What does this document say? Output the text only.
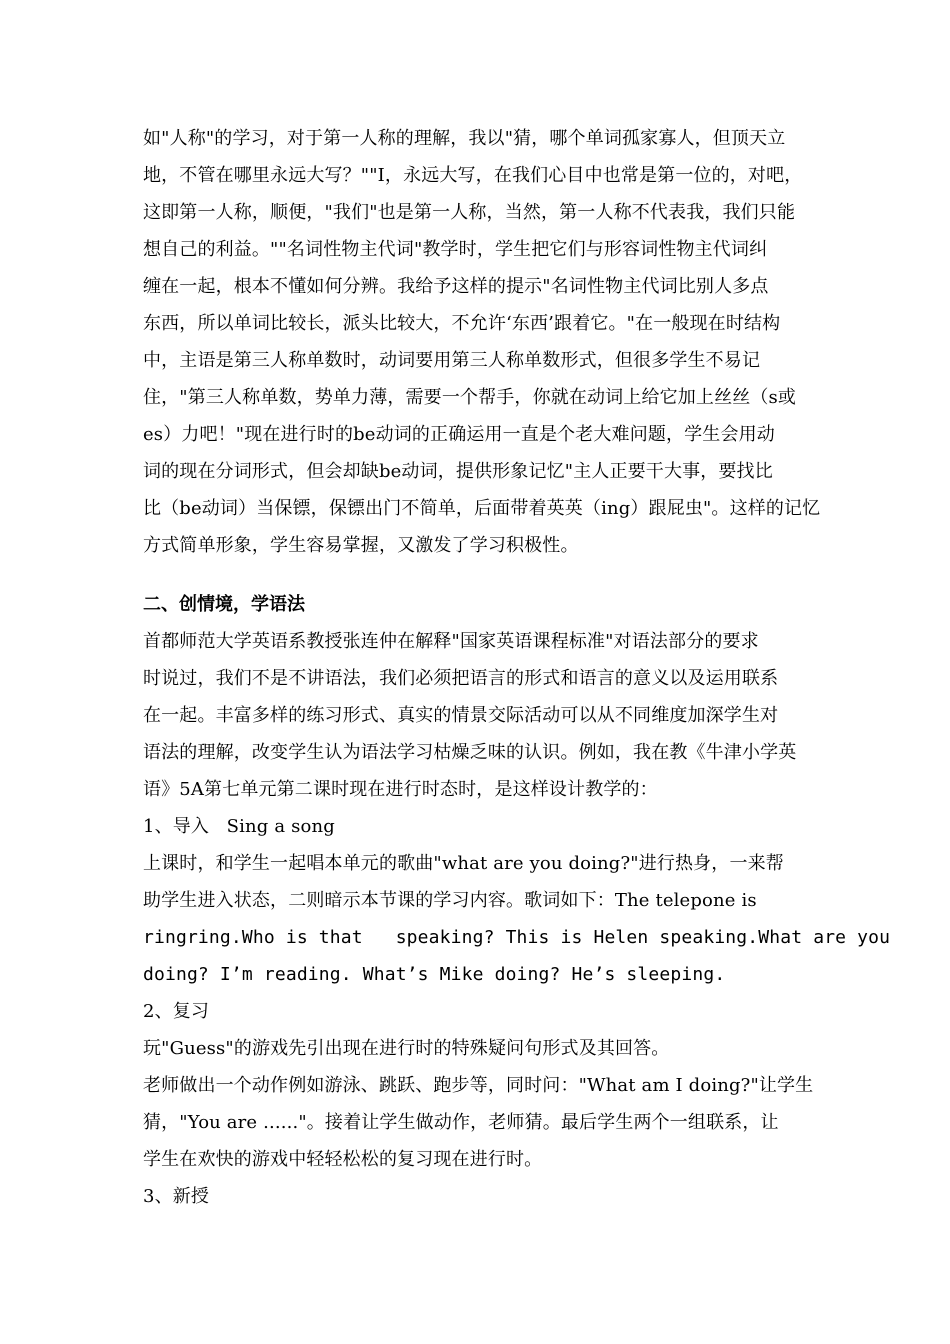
如"人称"的学习，对于第一人称的理解，我以"猜，哪个单词孤家寡人，但顶天立
地，不管在哪里永远大写？""I，永远大写，在我们心目中也常是第一位的，对吧，
这即第一人称，顺便，"我们"也是第一人称，当然，第一人称不代表我，我们只能
想自己的利益。""名词性物主代词"教学时，学生把它们与形容词性物主代词纠
缠在一起，根本不懂如何分辨。我给予这样的提示"名词性物主代词比别人多点
东西，所以单词比较长，派头比较大，不允许‘东西’跟着它。"在一般现在时结构
中，主语是第三人称单数时，动词要用第三人称单数形式，但很多学生不易记
住，"第三人称单数，势单力薄，需要一个帮手，你就在动词上给它加上丝丝（s或
es）力吧！"现在进行时的be动词的正确运用一直是个老大难问题，学生会用动
词的现在分词形式，但会却缺be动词，提供形象记忆"主人正要干大事，要找比
比（be动词）当保镖，保镖出门不简单，后面带着英英（ing）跟屁虫"。这样的记忆
方式简单形象，学生容易掌握，又激发了学习积极性。
二、创情境，学语法
首都师范大学英语系教授张连仲在解释"国家英语课程标准"对语法部分的要求
时说过，我们不是不讲语法，我们必须把语言的形式和语言的意义以及运用联系
在一起。丰富多样的练习形式、真实的情景交际活动可以从不同维度加深学生对
语法的理解，改变学生认为语法学习枯燥乏味的认识。例如，我在教《牛津小学英
语》5A第七单元第二课时现在进行时态时，是这样设计教学的：
1、导入   Sing a song
上课时，和学生一起唱本单元的歌曲"what are you doing?"进行热身，一来帮
助学生进入状态，二则暗示本节课的学习内容。歌词如下：The telepone is
ringring.Who is that   speaking? This is Helen speaking.What are you
doing? I’m reading. What’s Mike doing? He’s sleeping.
2、复习
玩"Guess"的游戏先引出现在进行时的特殊疑问句形式及其回答。
老师做出一个动作例如游泳、跳跃、跑步等，同时问："What am I doing?"让学生
猜，"You are ......"。接着让学生做动作，老师猜。最后学生两个一组联系，让
学生在欢快的游戏中轻轻松松的复习现在进行时。
3、新授
